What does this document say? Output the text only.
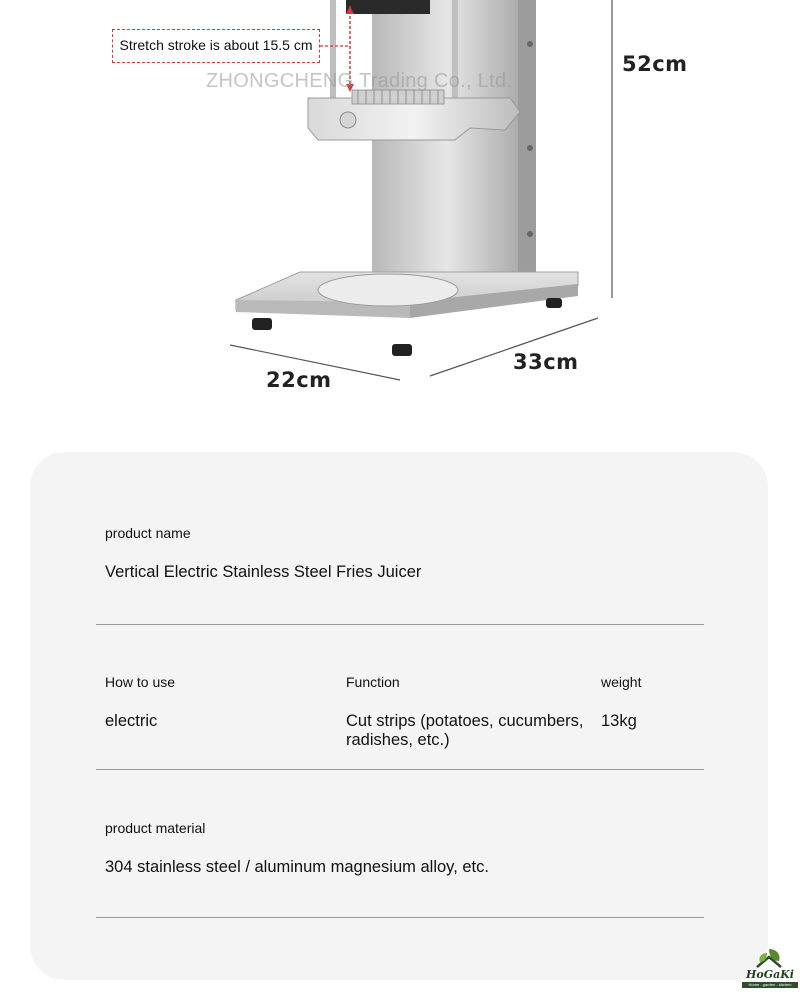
Stretch stroke is about 15.5 cm
ZHONGCHENG Trading Co., Ltd.
52cm
22cm
33cm
product name
Vertical Electric Stainless Steel Fries Juicer
How to use
electric
Function
Cut strips (potatoes, cucumbers,
radishes, etc.)
weight
13kg
product material
304 stainless steel / aluminum magnesium alloy, etc.
HoGaKi
Home - garden - kitchen
